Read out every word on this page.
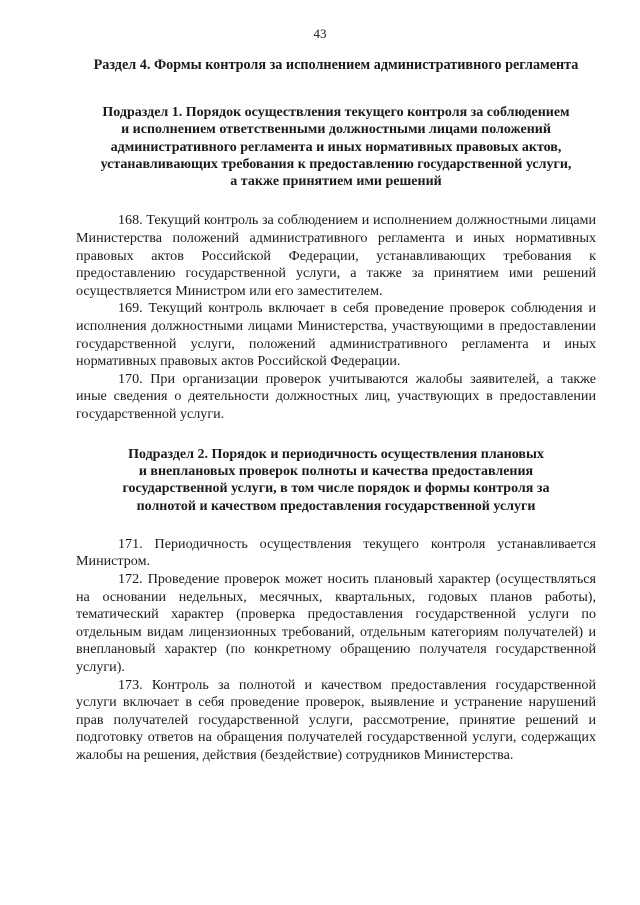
43
Раздел 4. Формы контроля за исполнением административного регламента
Подраздел 1. Порядок осуществления текущего контроля за соблюдением
и исполнением ответственными должностными лицами положений
административного регламента и иных нормативных правовых актов,
устанавливающих требования к предоставлению государственной услуги,
а также принятием ими решений

168. Текущий контроль за соблюдением и исполнением должностными лицами Министерства положений административного регламента и иных нормативных правовых актов Российской Федерации, устанавливающих требования к предоставлению государственной услуги, а также за принятием ими решений осуществляется Министром или его заместителем.

169. Текущий контроль включает в себя проведение проверок соблюдения и исполнения должностными лицами Министерства, участвующими в предоставлении государственной услуги, положений административного регламента и иных нормативных правовых актов Российской Федерации.

170. При организации проверок учитываются жалобы заявителей, а также иные сведения о деятельности должностных лиц, участвующих в предоставлении государственной услуги.

Подраздел 2. Порядок и периодичность осуществления плановых
и внеплановых проверок полноты и качества предоставления
государственной услуги, в том числе порядок и формы контроля за
полнотой и качеством предоставления государственной услуги

171. Периодичность осуществления текущего контроля устанавливается Министром.

172. Проведение проверок может носить плановый характер (осуществляться на основании недельных, месячных, квартальных, годовых планов работы), тематический характер (проверка предоставления государственной услуги по отдельным видам лицензионных требований, отдельным категориям получателей) и внеплановый характер (по конкретному обращению получателя государственной услуги).

173. Контроль за полнотой и качеством предоставления государственной услуги включает в себя проведение проверок, выявление и устранение нарушений прав получателей государственной услуги, рассмотрение, принятие решений и подготовку ответов на обращения получателей государственной услуги, содержащих жалобы на решения, действия (бездействие) сотрудников Министерства.
